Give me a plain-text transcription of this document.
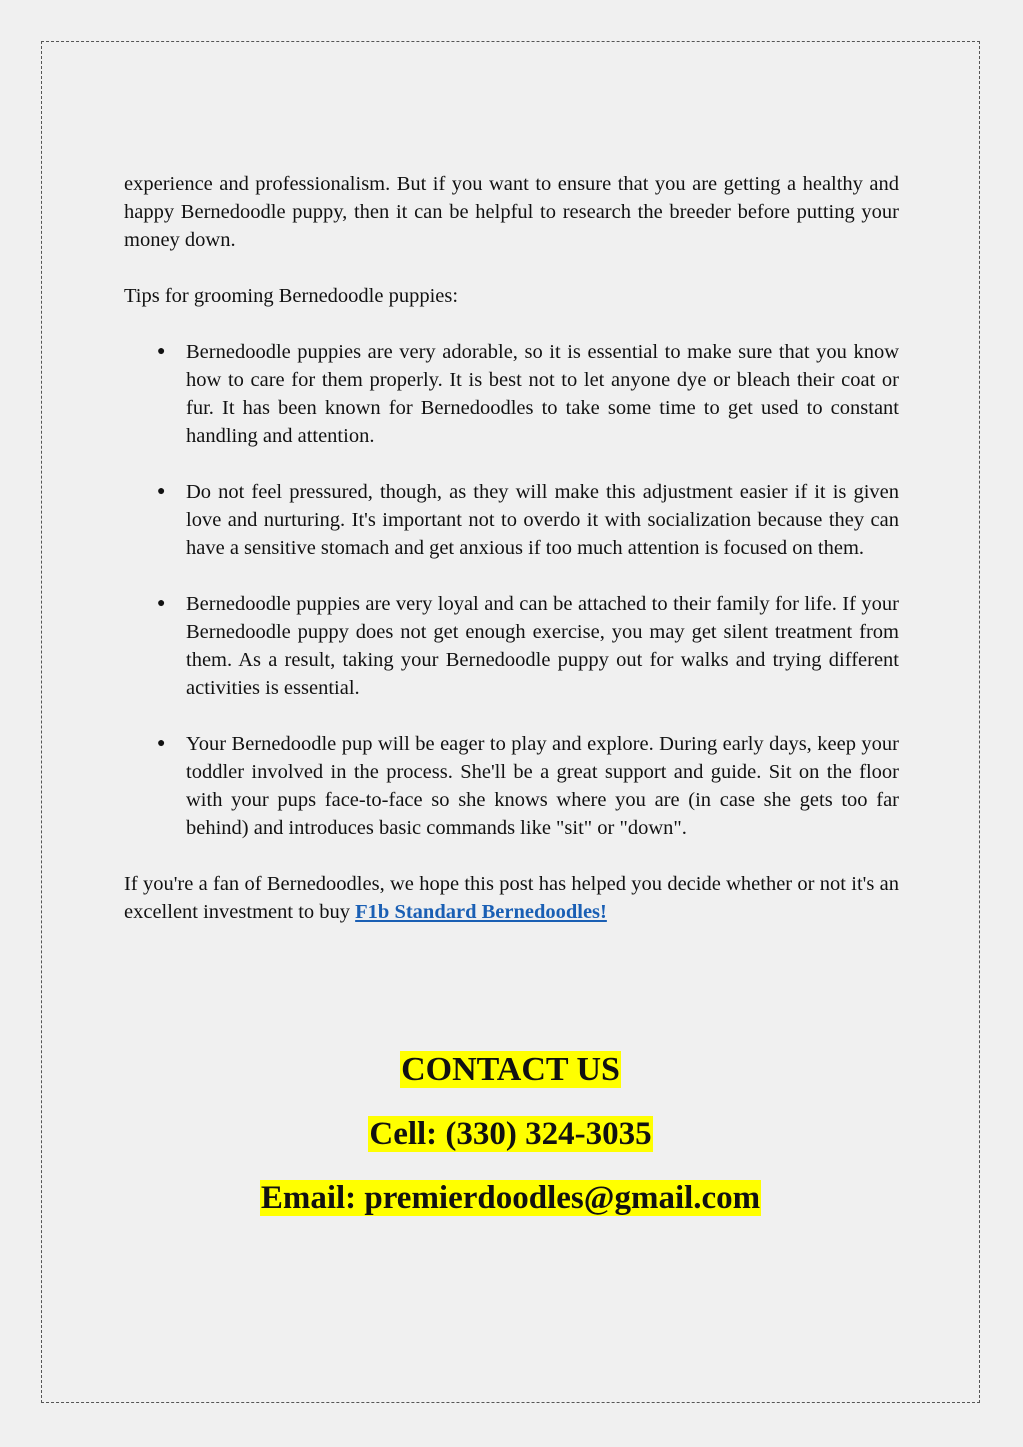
experience and professionalism. But if you want to ensure that you are getting a healthy and happy Bernedoodle puppy, then it can be helpful to research the breeder before putting your money down.

Tips for grooming Bernedoodle puppies:

● Bernedoodle puppies are very adorable, so it is essential to make sure that you know how to care for them properly. It is best not to let anyone dye or bleach their coat or fur. It has been known for Bernedoodles to take some time to get used to constant handling and attention.
● Do not feel pressured, though, as they will make this adjustment easier if it is given love and nurturing. It's important not to overdo it with socialization because they can have a sensitive stomach and get anxious if too much attention is focused on them.
● Bernedoodle puppies are very loyal and can be attached to their family for life. If your Bernedoodle puppy does not get enough exercise, you may get silent treatment from them. As a result, taking your Bernedoodle puppy out for walks and trying different activities is essential.
● Your Bernedoodle pup will be eager to play and explore. During early days, keep your toddler involved in the process. She'll be a great support and guide. Sit on the floor with your pups face-to-face so she knows where you are (in case she gets too far behind) and introduces basic commands like "sit" or "down".

If you're a fan of Bernedoodles, we hope this post has helped you decide whether or not it's an excellent investment to buy F1b Standard Bernedoodles!

CONTACT US
Cell: (330) 324-3035
Email: premierdoodles@gmail.com
